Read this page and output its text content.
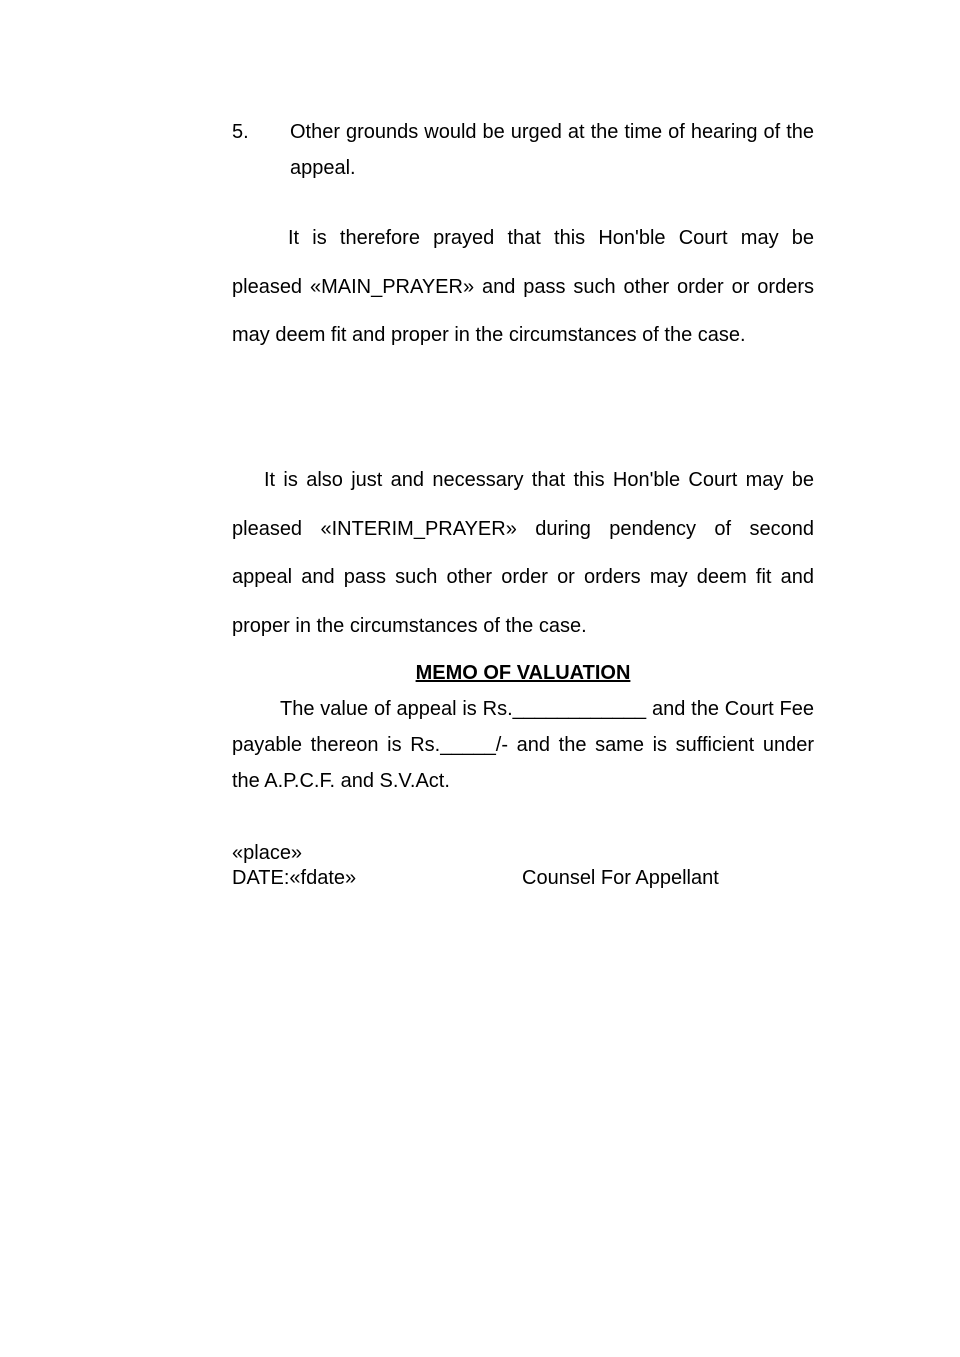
5. Other grounds would be urged at the time of hearing of the appeal.
It is therefore prayed that this Hon'ble Court may be pleased «MAIN_PRAYER» and pass such other order or orders may deem fit and proper in the circumstances of the case.
It is also just and necessary that this Hon'ble Court may be pleased «INTERIM_PRAYER» during pendency of second appeal and pass such other order or orders may deem fit and proper in the circumstances of the case.
MEMO OF VALUATION
The value of appeal is Rs.____________ and the Court Fee payable thereon is Rs._____/- and the same is sufficient under the A.P.C.F. and S.V.Act.
«place»
DATE:«fdate»	Counsel For Appellant
